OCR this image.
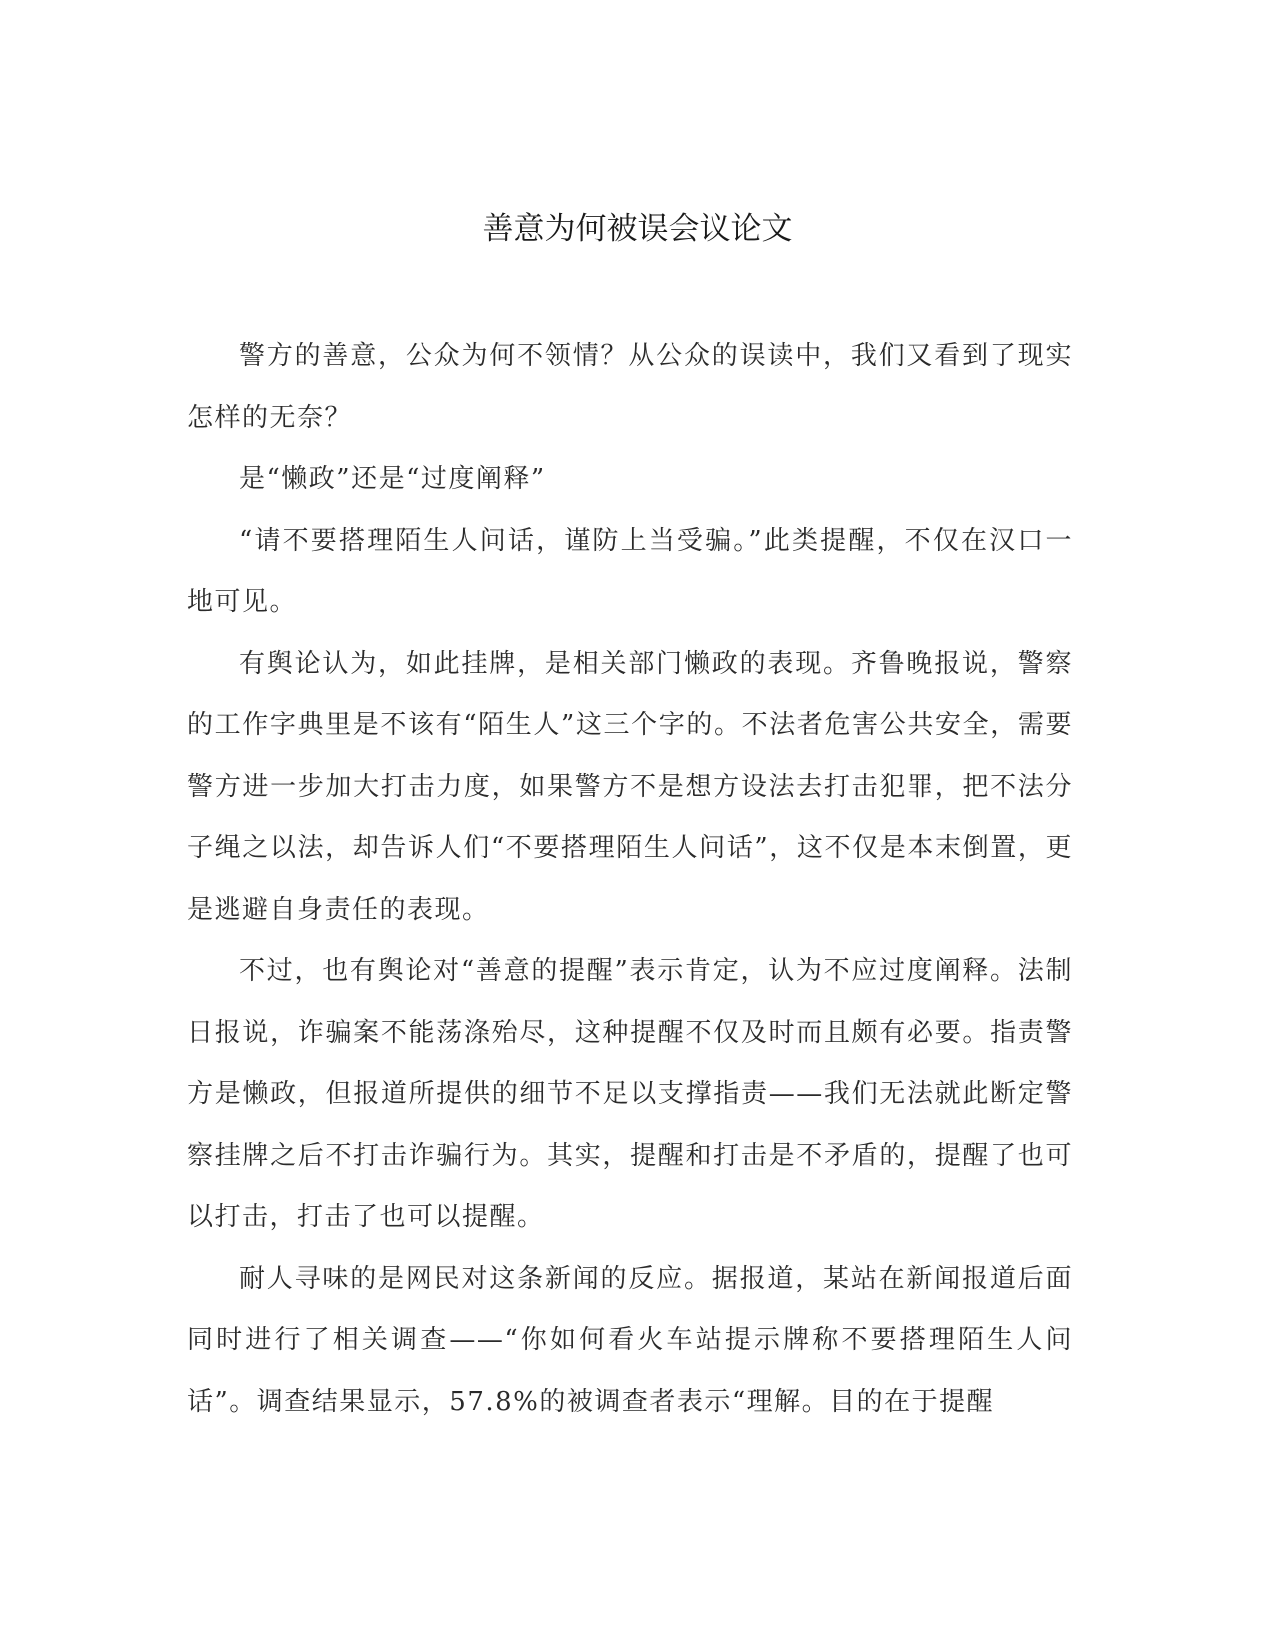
善意为何被误会议论文

警方的善意，公众为何不领情？从公众的误读中，我们又看到了现实怎样的无奈？

是“懒政”还是“过度阐释”

“请不要搭理陌生人问话，谨防上当受骗。”此类提醒，不仅在汉口一地可见。

有舆论认为，如此挂牌，是相关部门懒政的表现。齐鲁晚报说，警察的工作字典里是不该有“陌生人”这三个字的。不法者危害公共安全，需要警方进一步加大打击力度，如果警方不是想方设法去打击犯罪，把不法分子绳之以法，却告诉人们“不要搭理陌生人问话”，这不仅是本末倒置，更是逃避自身责任的表现。

不过，也有舆论对“善意的提醒”表示肯定，认为不应过度阐释。法制日报说，诈骗案不能荡涤殆尽，这种提醒不仅及时而且颇有必要。指责警方是懒政，但报道所提供的细节不足以支撑指责——我们无法就此断定警察挂牌之后不打击诈骗行为。其实，提醒和打击是不矛盾的，提醒了也可以打击，打击了也可以提醒。

耐人寻味的是网民对这条新闻的反应。据报道，某站在新闻报道后面同时进行了相关调查——“你如何看火车站提示牌称不要搭理陌生人问话”。调查结果显示，57.8%的被调查者表示“理解。目的在于提醒
